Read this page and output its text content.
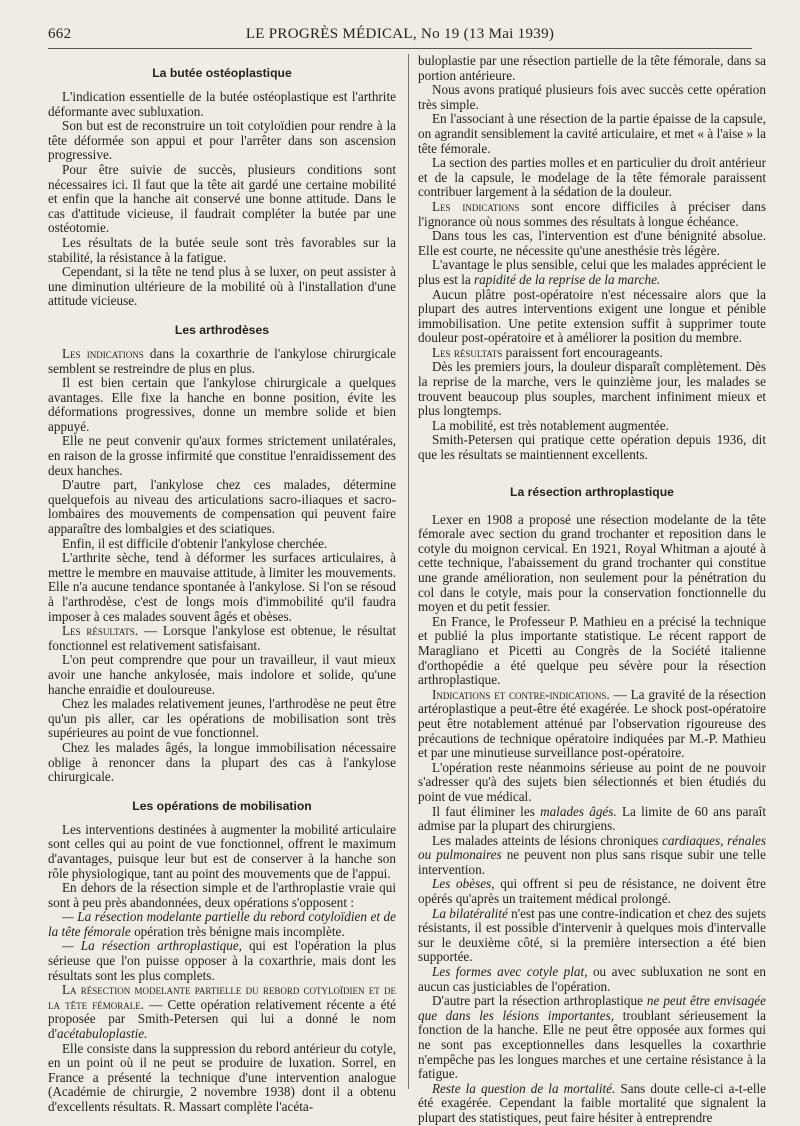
662	LE PROGRÈS MÉDICAL, No 19 (13 Mai 1939)
La butée ostéoplastique

L'indication essentielle de la butée ostéoplastique est l'arthrite déformante avec subluxation.

Son but est de reconstruire un toit cotyloïdien pour rendre à la tête déformée son appui et pour l'arrêter dans son ascension progressive.

Pour être suivie de succès, plusieurs conditions sont nécessaires ici. Il faut que la tête ait gardé une certaine mobilité et enfin que la hanche ait conservé une bonne attitude. Dans le cas d'attitude vicieuse, il faudrait compléter la butée par une ostéotomie.

Les résultats de la butée seule sont très favorables sur la stabilité, la résistance à la fatigue.

Cependant, si la tête ne tend plus à se luxer, on peut assister à une diminution ultérieure de la mobilité où à l'installation d'une attitude vicieuse.

Les arthrodèses

Les indications dans la coxarthrie de l'ankylose chirurgicale semblent se restreindre de plus en plus.

Il est bien certain que l'ankylose chirurgicale a quelques avantages. Elle fixe la hanche en bonne position, évite les déformations progressives, donne un membre solide et bien appuyé.

Elle ne peut convenir qu'aux formes strictement unilatérales, en raison de la grosse infirmité que constitue l'enraidissement des deux hanches.

D'autre part, l'ankylose chez ces malades, détermine quelquefois au niveau des articulations sacro-iliaques et sacro-lombaires des mouvements de compensation qui peuvent faire apparaître des lombalgies et des sciatiques.

Enfin, il est difficile d'obtenir l'ankylose cherchée.

L'arthrite sèche, tend à déformer les surfaces articulaires, à mettre le membre en mauvaise attitude, à limiter les mouvements. Elle n'a aucune tendance spontanée à l'ankylose. Si l'on se résoud à l'arthrodèse, c'est de longs mois d'immobilité qu'il faudra imposer à ces malades souvent âgés et obèses.

Les résultats. — Lorsque l'ankylose est obtenue, le résultat fonctionnel est relativement satisfaisant.

L'on peut comprendre que pour un travailleur, il vaut mieux avoir une hanche ankylosée, mais indolore et solide, qu'une hanche enraidie et douloureuse.

Chez les malades relativement jeunes, l'arthrodèse ne peut être qu'un pis aller, car les opérations de mobilisation sont très supérieures au point de vue fonctionnel.

Chez les malades âgés, la longue immobilisation nécessaire oblige à renoncer dans la plupart des cas à l'ankylose chirurgicale.

Les opérations de mobilisation

Les interventions destinées à augmenter la mobilité articulaire sont celles qui au point de vue fonctionnel, offrent le maximum d'avantages, puisque leur but est de conserver à la hanche son rôle physiologique, tant au point des mouvements que de l'appui.

En dehors de la résection simple et de l'arthroplastie vraie qui sont à peu près abandonnées, deux opérations s'opposent :

— La résection modelante partielle du rebord cotyloïdien et de la tête fémorale opération très bénigne mais incomplète.

— La résection arthroplastique, qui est l'opération la plus sérieuse que l'on puisse opposer à la coxarthrie, mais dont les résultats sont les plus complets.

La résection modelante partielle du rebord cotyloïdien et de la tête fémorale. — Cette opération relativement récente a été proposée par Smith-Petersen qui lui a donné le nom d'acétabuloplastie.

Elle consiste dans la suppression du rebord antérieur du cotyle, en un point où il ne peut se produire de luxation. Sorrel, en France a présenté la technique d'une intervention analogue (Académie de chirurgie, 2 novembre 1938) dont il a obtenu d'excellents résultats. R. Massart complète l'acéta-

buloplastie par une résection partielle de la tête fémorale, dans sa portion antérieure.

Nous avons pratiqué plusieurs fois avec succès cette opération très simple.

En l'associant à une résection de la partie épaisse de la capsule, on agrandit sensiblement la cavité articulaire, et met « à l'aise » la tête fémorale.

La section des parties molles et en particulier du droit antérieur et de la capsule, le modelage de la tête fémorale paraissent contribuer largement à la sédation de la douleur.

Les indications sont encore difficiles à préciser dans l'ignorance où nous sommes des résultats à longue échéance.

Dans tous les cas, l'intervention est d'une bénignité absolue. Elle est courte, ne nécessite qu'une anesthésie très légère.

L'avantage le plus sensible, celui que les malades apprécient le plus est la rapidité de la reprise de la marche.

Aucun plâtre post-opératoire n'est nécessaire alors que la plupart des autres interventions exigent une longue et pénible immobilisation. Une petite extension suffit à supprimer toute douleur post-opératoire et à améliorer la position du membre.

Les résultats paraissent fort encourageants.

Dès les premiers jours, la douleur disparaît complètement. Dès la reprise de la marche, vers le quinzième jour, les malades se trouvent beaucoup plus souples, marchent infiniment mieux et plus longtemps.

La mobilité, est très notablement augmentée.

Smith-Petersen qui pratique cette opération depuis 1936, dit que les résultats se maintiennent excellents.

La résection arthroplastique

Lexer en 1908 a proposé une résection modelante de la tête fémorale avec section du grand trochanter et reposition dans le cotyle du moignon cervical. En 1921, Royal Whitman a ajouté à cette technique, l'abaissement du grand trochanter qui constitue une grande amélioration, non seulement pour la pénétration du col dans le cotyle, mais pour la conservation fonctionnelle du moyen et du petit fessier.

En France, le Professeur P. Mathieu en a précisé la technique et publié la plus importante statistique. Le récent rapport de Maragliano et Picetti au Congrès de la Société italienne d'orthopédie a été quelque peu sévère pour la résection arthroplastique.

Indications et contre-indications. — La gravité de la résection artéroplastique a peut-être été exagérée. Le shock post-opératoire peut être notablement atténué par l'observation rigoureuse des précautions de technique opératoire indiquées par M.-P. Mathieu et par une minutieuse surveillance post-opératoire.

L'opération reste néanmoins sérieuse au point de ne pouvoir s'adresser qu'à des sujets bien sélectionnés et bien étudiés du point de vue médical.

Il faut éliminer les malades âgés. La limite de 60 ans paraît admise par la plupart des chirurgiens.

Les malades atteints de lésions chroniques cardiaques, rénales ou pulmonaires ne peuvent non plus sans risque subir une telle intervention.

Les obèses, qui offrent si peu de résistance, ne doivent être opérés qu'après un traitement médical prolongé.

La bilatéralité n'est pas une contre-indication et chez des sujets résistants, il est possible d'intervenir à quelques mois d'intervalle sur le deuxième côté, si la première intersection a été bien supportée.

Les formes avec cotyle plat, ou avec subluxation ne sont en aucun cas justiciables de l'opération.

D'autre part la résection arthroplastique ne peut être envisagée que dans les lésions importantes, troublant sérieusement la fonction de la hanche. Elle ne peut être opposée aux formes qui ne sont pas exceptionnelles dans lesquelles la coxarthrie n'empêche pas les longues marches et une certaine résistance à la fatigue.

Reste la question de la mortalité. Sans doute celle-ci a-t-elle été exagérée. Cependant la faible mortalité que signalent la plupart des statistiques, peut faire hésiter à entreprendre
